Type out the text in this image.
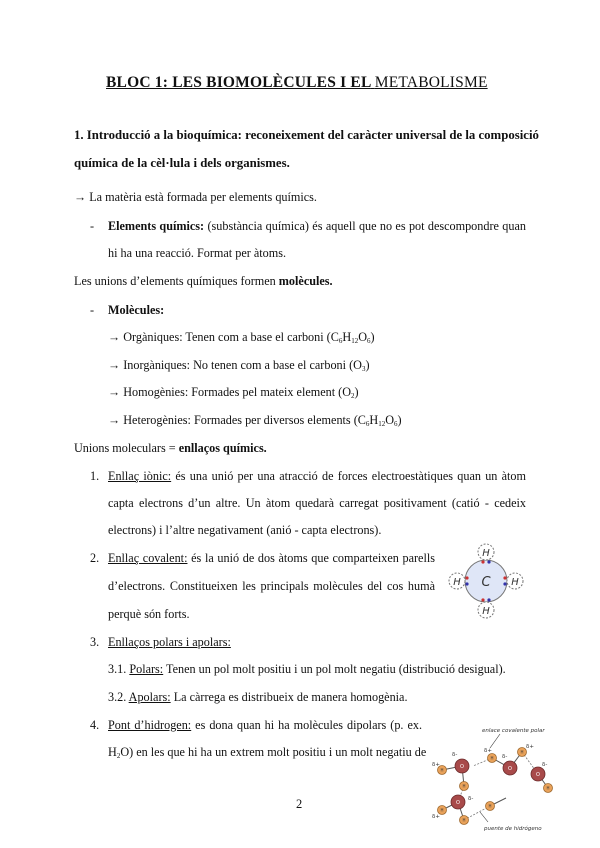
BLOC 1: LES BIOMOLÈCULES I EL METABOLISME
1. Introducció a la bioquímica: reconeixement del caràcter universal de la composició
química de la cèl·lula i dels organismes.
→ La matèria està formada per elements químics.
- Elements químics: (substància química) és aquell que no es pot descompondre quan
hi ha una reacció. Format per àtoms.
Les unions d’elements químiques formen molècules.
- Molècules:
→ Orgàniques: Tenen com a base el carboni $(C_6H_{12}O_6)$
→ Inorgàniques: No tenen com a base el carboni $(O_3)$
→ Homogènies: Formades pel mateix element $(O_2)$
→ Heterogènies: Formades per diversos elements $(C_6H_{12}O_6)$
Unions moleculars = enllaços químics.
1. Enllaç iònic: és una unió per una atracció de forces electroestàtiques quan un àtom
capta electrons d’un altre. Un àtom quedarà carregat positivament (catió - cedeix
electrons) i l’altre negativament (anió - capta electrons).
2. Enllaç covalent: és la unió de dos àtoms que comparteixen parells
d’electrons. Constitueixen les principals molècules del cos humà
perquè són forts.
C
H
H
H	H
3. Enllaços polars i apolars:
3.1. Polars: Tenen un pol molt positiu i un pol molt negatiu (distribució desigual).
3.2. Apolars: La càrrega es distribueix de manera homogènia.
4. Pont d’hidrogen: es dona quan hi ha molècules dipolars (p. ex.
$H_2O$) en les que hi ha un extrem molt positiu i un molt negatiu de
enlace covalente polar
O	O
O
O
H
H
H
H
H
H
H
H
δ-	δ-
δ-
δ-
δ+
δ+
δ+
δ+
puente de hidrógeno
2
